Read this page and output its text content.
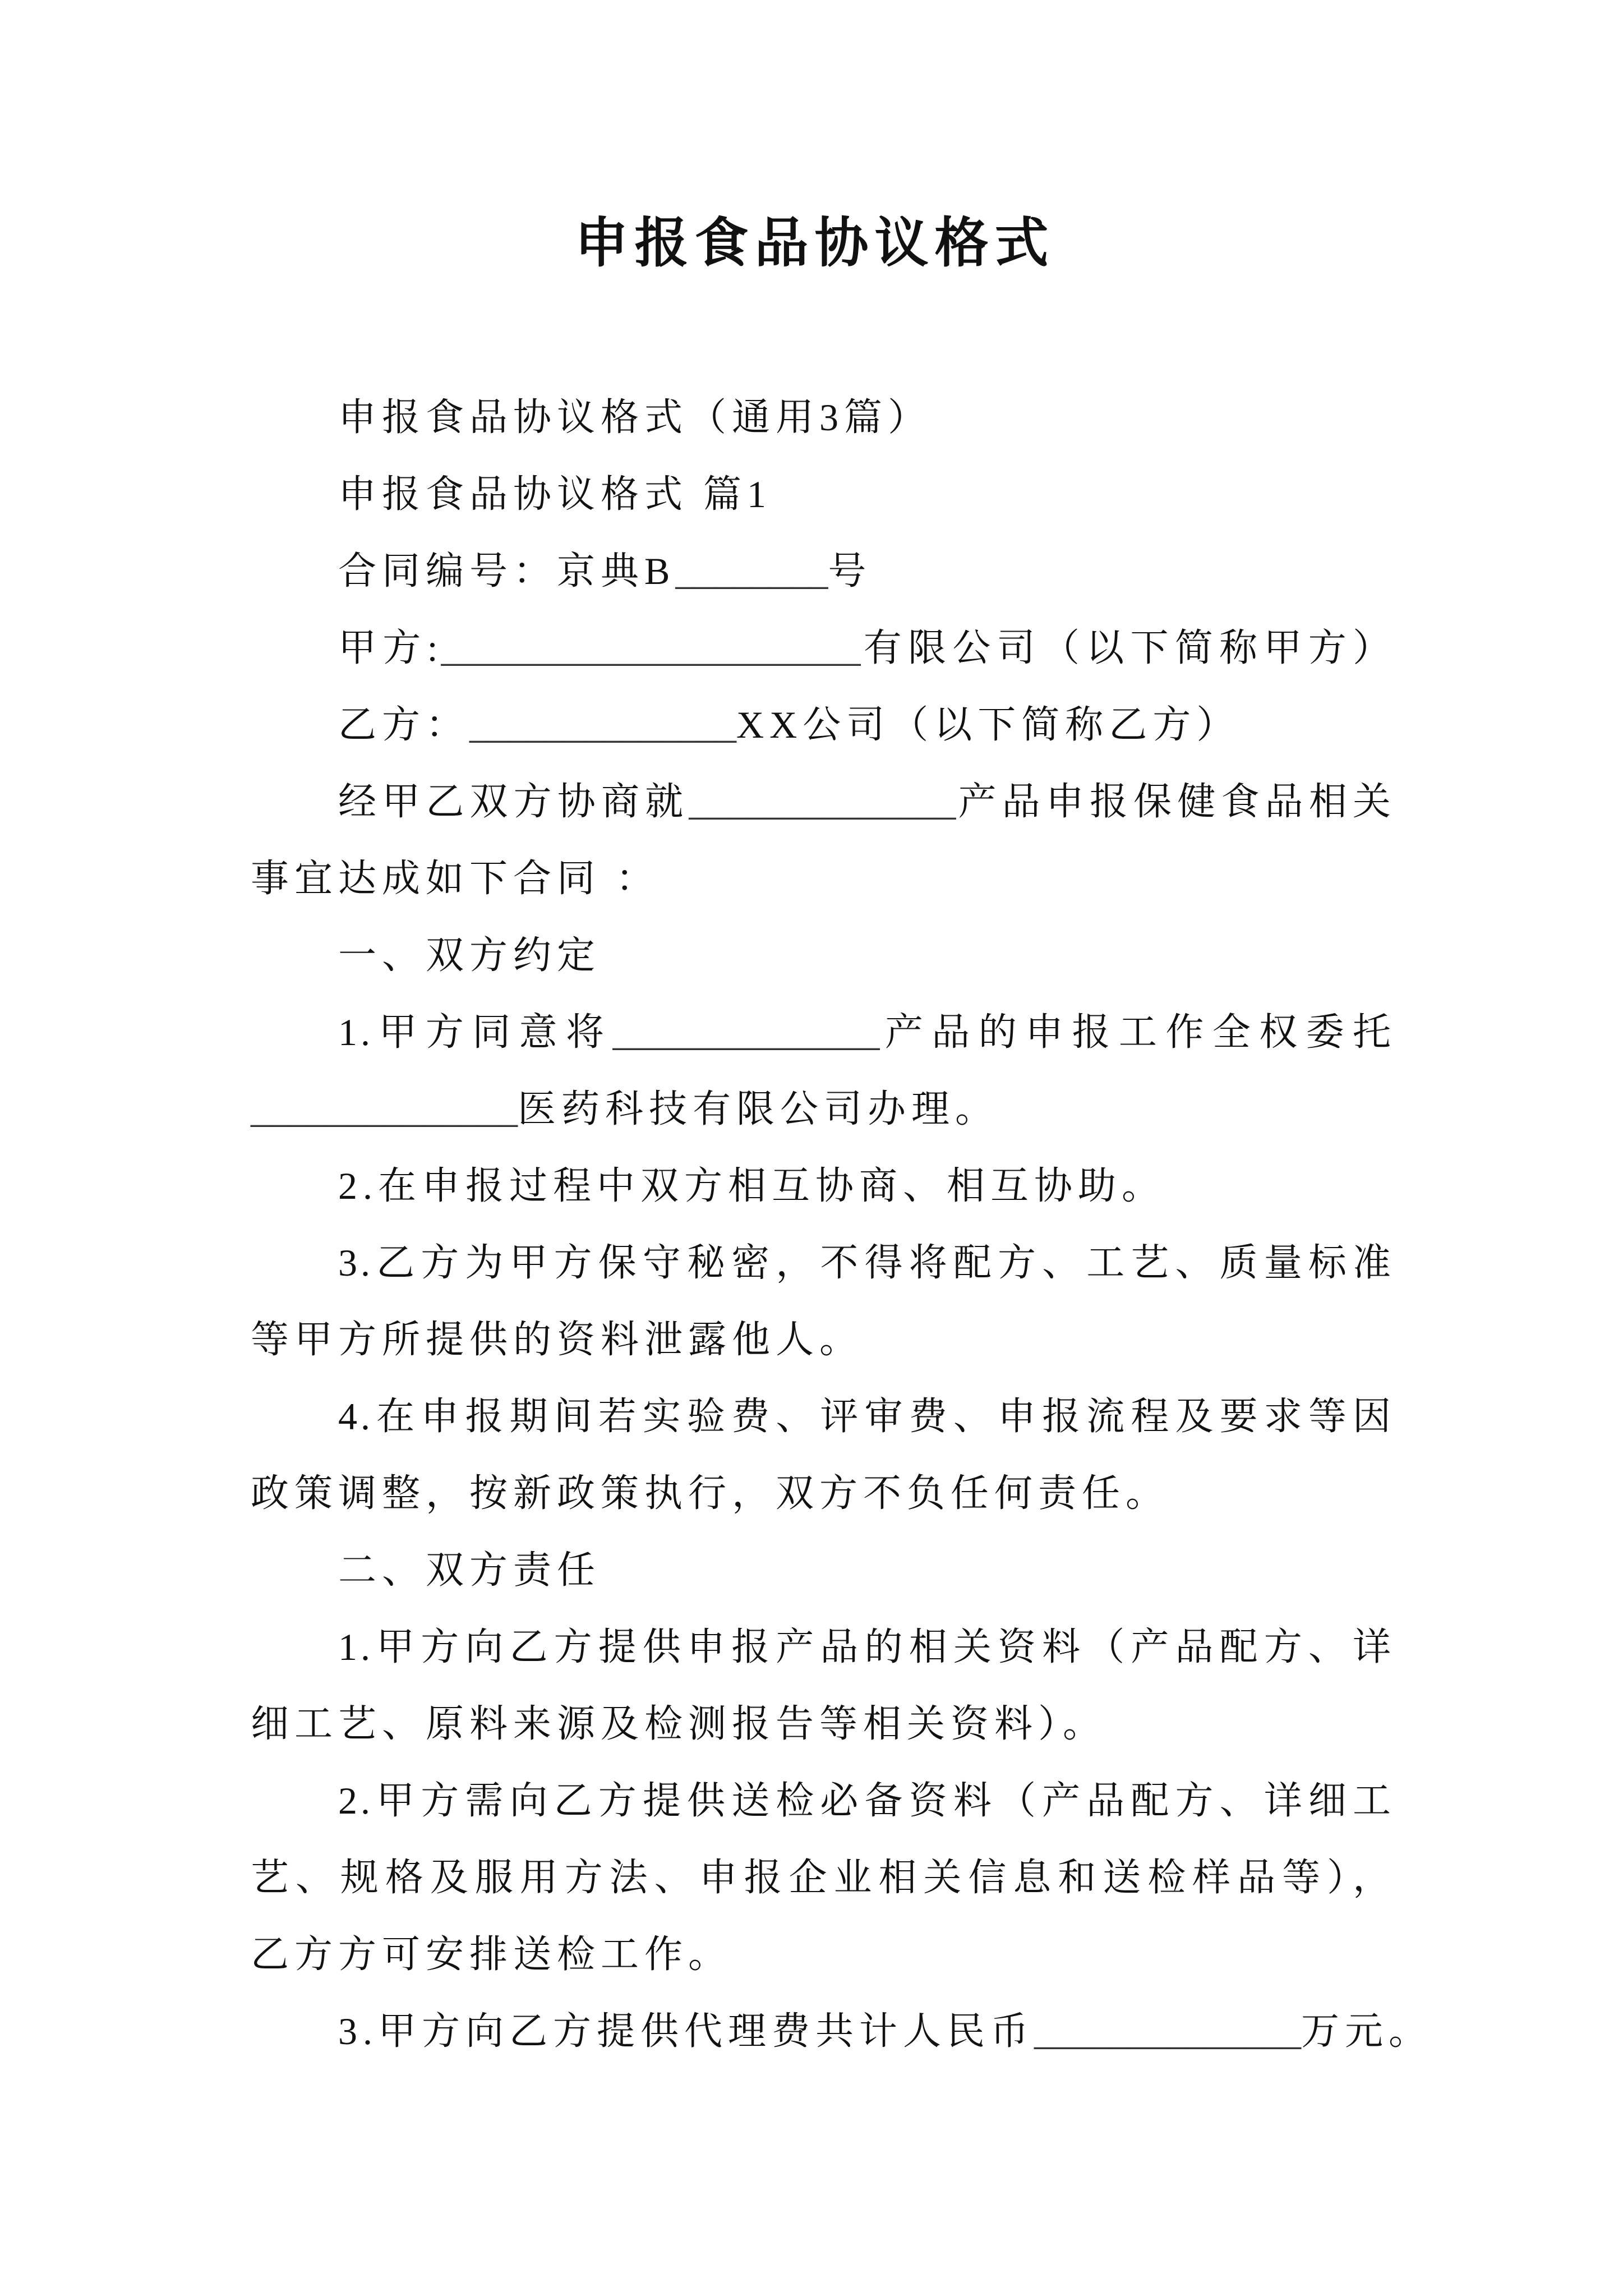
申报食品协议格式
申报食品协议格式（通用3篇）
申报食品协议格式 篇1
合同编号：京典B________号
甲方:______________________有限公司（以下简称甲方）
乙方：______________XX公司（以下简称乙方）
经甲乙双方协商就______________产品申报保健食品相关
事宜达成如下合同 ：
一、双方约定
1.甲方同意将______________产品的申报工作全权委托
______________医药科技有限公司办理。
2.在申报过程中双方相互协商、相互协助。
3.乙方为甲方保守秘密，不得将配方、工艺、质量标准
等甲方所提供的资料泄露他人。
4.在申报期间若实验费、评审费、申报流程及要求等因
政策调整，按新政策执行，双方不负任何责任。
二、双方责任
1.甲方向乙方提供申报产品的相关资料（产品配方、详
细工艺、原料来源及检测报告等相关资料）。
2.甲方需向乙方提供送检必备资料（产品配方、详细工
艺、规格及服用方法、申报企业相关信息和送检样品等），
乙方方可安排送检工作。
3.甲方向乙方提供代理费共计人民币______________万元。
